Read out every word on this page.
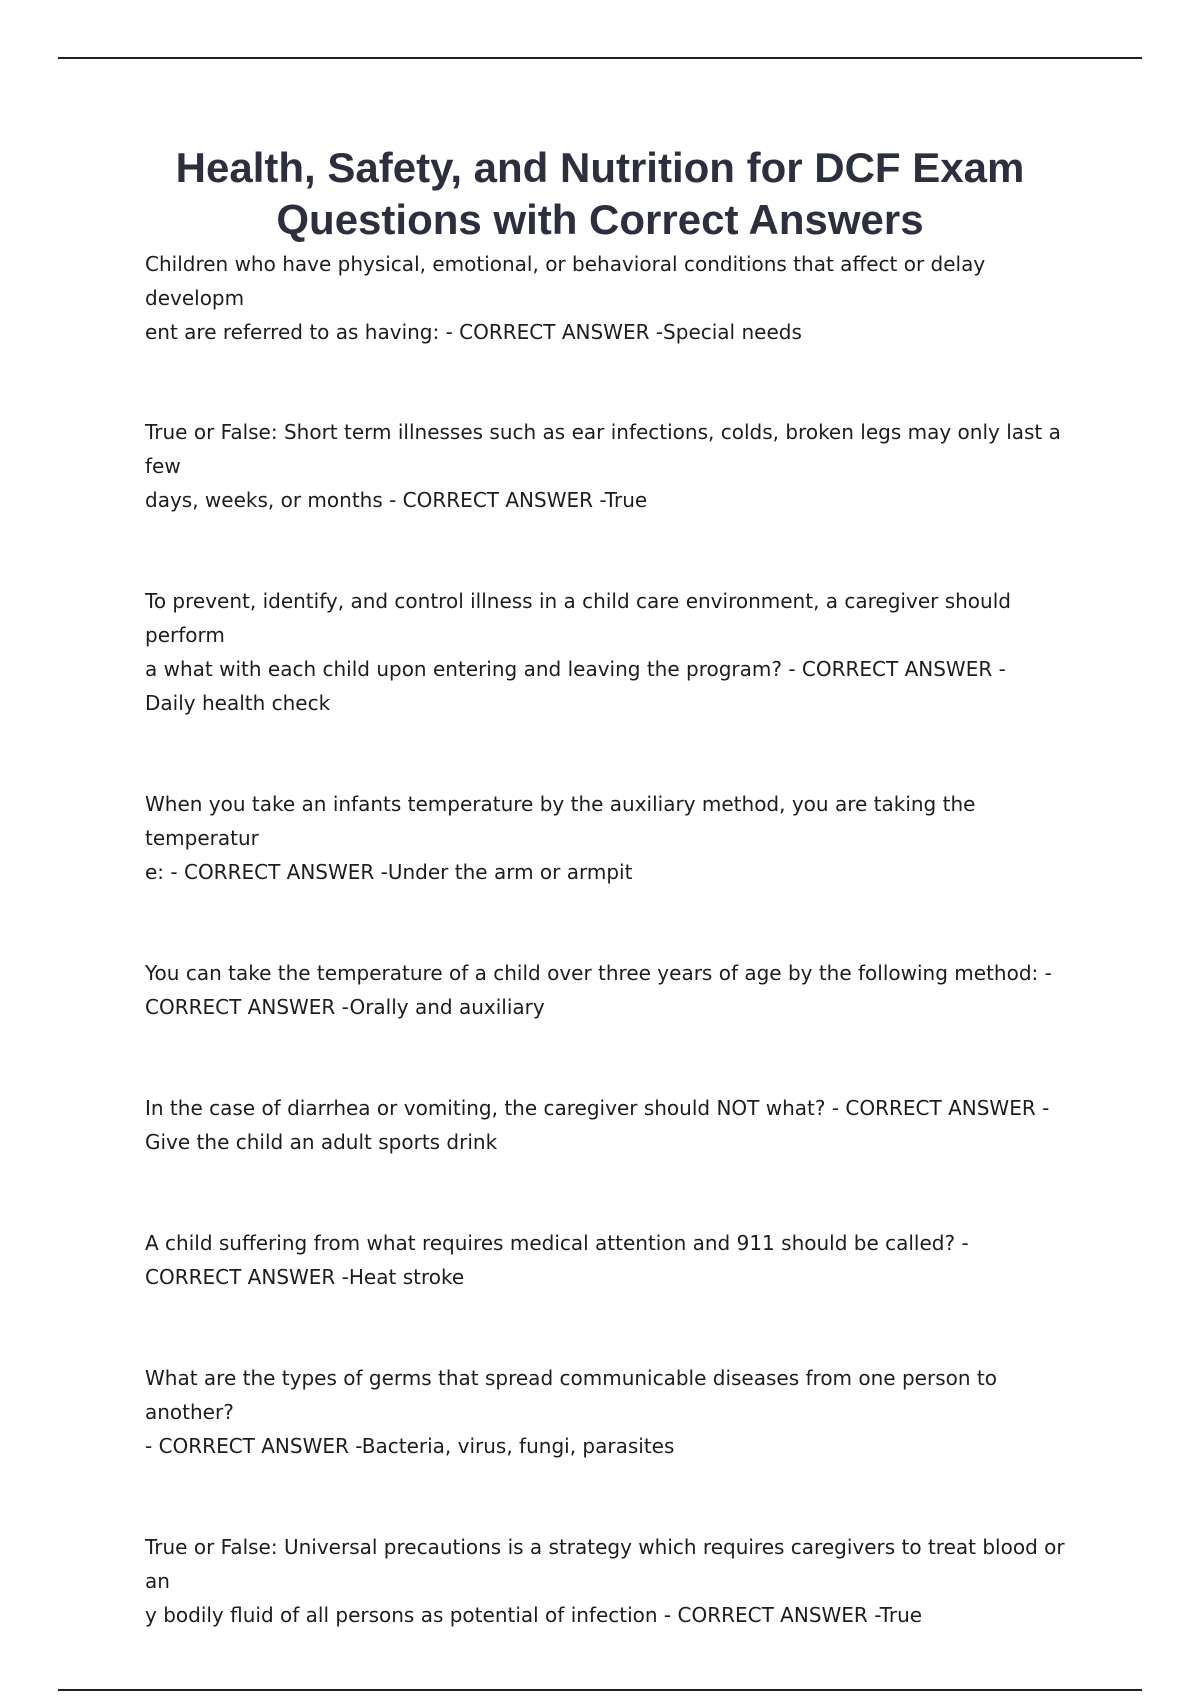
Health, Safety, and Nutrition for DCF Exam Questions with Correct Answers
Children who have physical, emotional, or behavioral conditions that affect or delay developm
ent are referred to as having: - CORRECT ANSWER -Special needs
True or False: Short term illnesses such as ear infections, colds, broken legs may only last a few
days, weeks, or months - CORRECT ANSWER -True
To prevent, identify, and control illness in a child care environment, a caregiver should perform
a what with each child upon entering and leaving the program? - CORRECT ANSWER -
Daily health check
When you take an infants temperature by the auxiliary method, you are taking the temperatur
e: - CORRECT ANSWER -Under the arm or armpit
You can take the temperature of a child over three years of age by the following method: -
CORRECT ANSWER -Orally and auxiliary
In the case of diarrhea or vomiting, the caregiver should NOT what? - CORRECT ANSWER -
Give the child an adult sports drink
A child suffering from what requires medical attention and 911 should be called? -
CORRECT ANSWER -Heat stroke
What are the types of germs that spread communicable diseases from one person to another?
- CORRECT ANSWER -Bacteria, virus, fungi, parasites
True or False: Universal precautions is a strategy which requires caregivers to treat blood or an
y bodily fluid of all persons as potential of infection - CORRECT ANSWER -True
